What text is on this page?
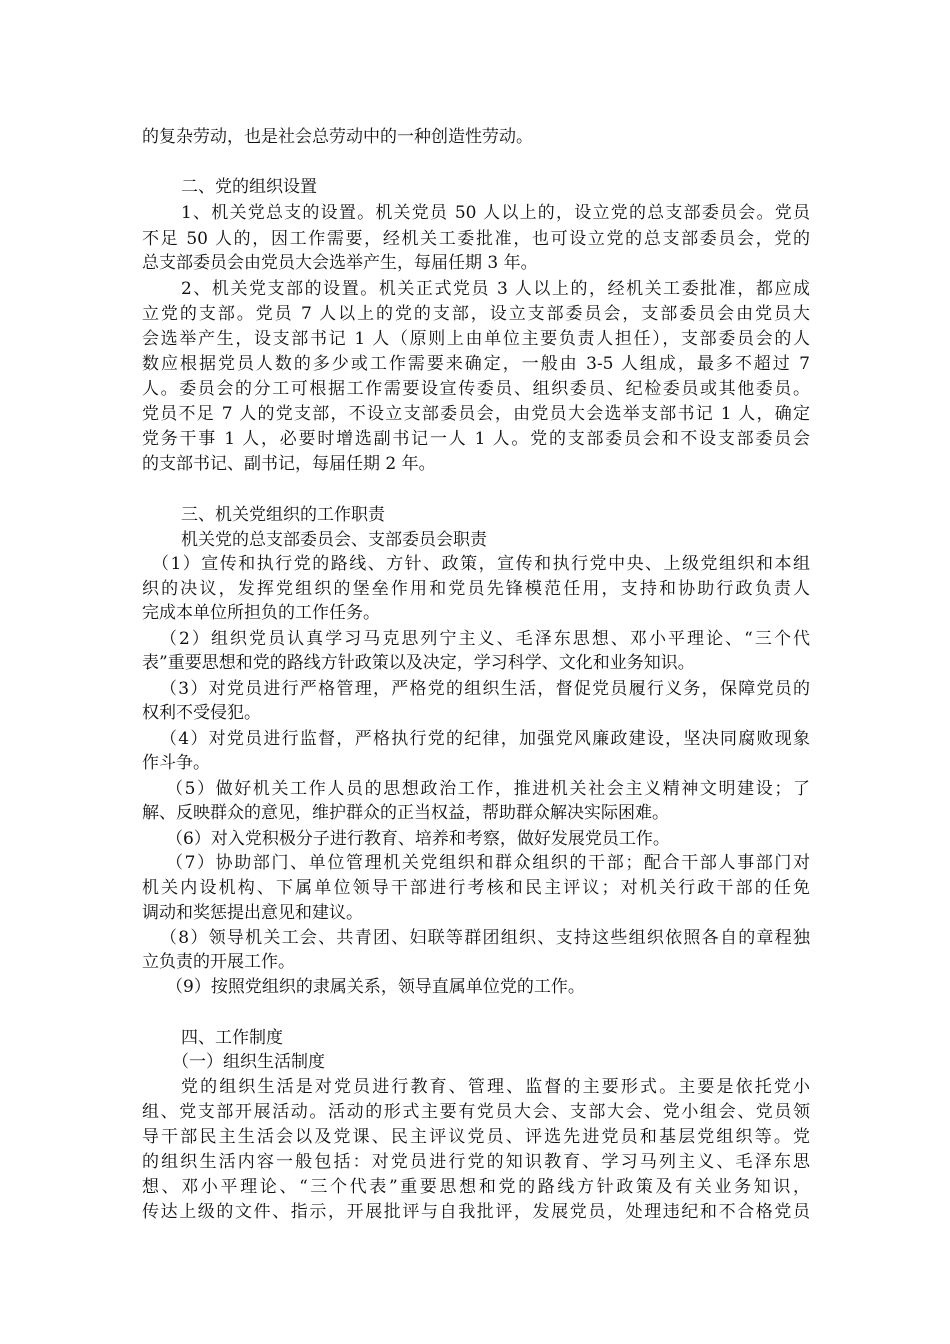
的复杂劳动，也是社会总劳动中的一种创造性劳动。
二、党的组织设置
1、机关党总支的设置。机关党员 50 人以上的，设立党的总支部委员会。党员
不足 50 人的，因工作需要，经机关工委批准，也可设立党的总支部委员会，党的
总支部委员会由党员大会选举产生，每届任期 3 年。
2、机关党支部的设置。机关正式党员 3 人以上的，经机关工委批准，都应成
立党的支部。党员 7 人以上的党的支部，设立支部委员会，支部委员会由党员大
会选举产生，设支部书记 1 人（原则上由单位主要负责人担任），支部委员会的人
数应根据党员人数的多少或工作需要来确定，一般由 3-5 人组成，最多不超过 7
人。委员会的分工可根据工作需要设宣传委员、组织委员、纪检委员或其他委员。
党员不足 7 人的党支部，不设立支部委员会，由党员大会选举支部书记 1 人，确定
党务干事 1 人，必要时增选副书记一人 1 人。党的支部委员会和不设支部委员会
的支部书记、副书记，每届任期 2 年。
三、机关党组织的工作职责
机关党的总支部委员会、支部委员会职责
（1）宣传和执行党的路线、方针、政策，宣传和执行党中央、上级党组织和本组
织的决议，发挥党组织的堡垒作用和党员先锋模范任用，支持和协助行政负责人
完成本单位所担负的工作任务。
（2）组织党员认真学习马克思列宁主义、毛泽东思想、邓小平理论、“三个代
表”重要思想和党的路线方针政策以及决定，学习科学、文化和业务知识。
（3）对党员进行严格管理，严格党的组织生活，督促党员履行义务，保障党员的
权利不受侵犯。
（4）对党员进行监督，严格执行党的纪律，加强党风廉政建设，坚决同腐败现象
作斗争。
（5）做好机关工作人员的思想政治工作，推进机关社会主义精神文明建设；了
解、反映群众的意见，维护群众的正当权益，帮助群众解决实际困难。
（6）对入党积极分子进行教育、培养和考察，做好发展党员工作。
（7）协助部门、单位管理机关党组织和群众组织的干部；配合干部人事部门对
机关内设机构、下属单位领导干部进行考核和民主评议；对机关行政干部的任免
调动和奖惩提出意见和建议。
（8）领导机关工会、共青团、妇联等群团组织、支持这些组织依照各自的章程独
立负责的开展工作。
（9）按照党组织的隶属关系，领导直属单位党的工作。
四、工作制度
（一）组织生活制度
党的组织生活是对党员进行教育、管理、监督的主要形式。主要是依托党小
组、党支部开展活动。活动的形式主要有党员大会、支部大会、党小组会、党员领
导干部民主生活会以及党课、民主评议党员、评选先进党员和基层党组织等。党
的组织生活内容一般包括：对党员进行党的知识教育、学习马列主义、毛泽东思
想、邓小平理论、“三个代表”重要思想和党的路线方针政策及有关业务知识，
传达上级的文件、指示，开展批评与自我批评，发展党员，处理违纪和不合格党员
